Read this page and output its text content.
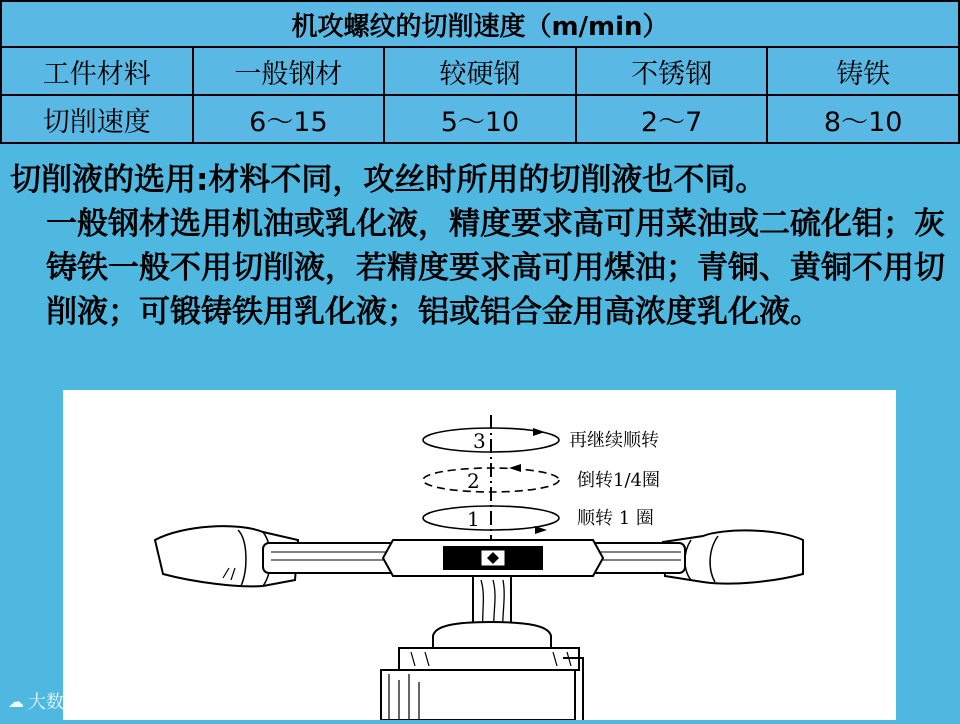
机攻螺纹的切削速度（m/min）				
工件材料	一般钢材	较硬钢	不锈钢	铸铁
切削速度	6～15	5～10	2～7	8～10
切削液的选用:材料不同，攻丝时所用的切削液也不同。
一般钢材选用机油或乳化液，精度要求高可用菜油或二硫化钼；灰铸铁一般不用切削液，若精度要求高可用煤油；青铜、黄铜不用切削液；可锻铸铁用乳化液；铝或铝合金用高浓度乳化液。
3
2
1
再继续顺转
倒转1/4圈
顺转 1 圈
☁ 大数跨境
